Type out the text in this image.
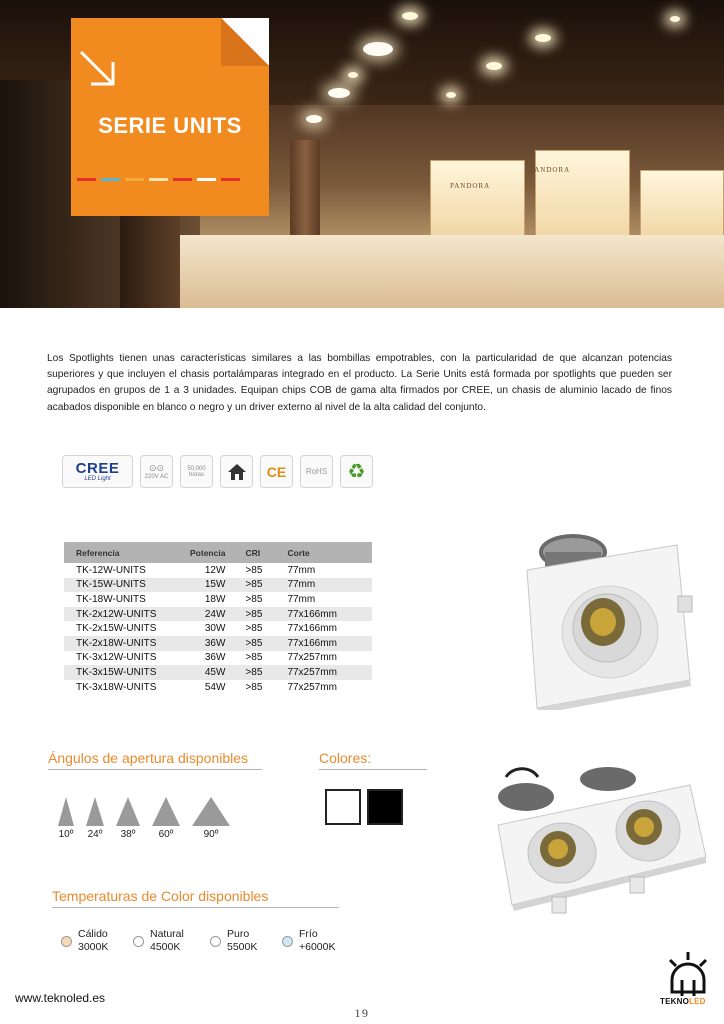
PANDORA
PANDORA
SERIE UNITS

Los Spotlights tienen unas características similares a las bombillas empotrables, con la particularidad de que alcanzan potencias superiores y que incluyen el chasis portalámparas integrado en el producto. La Serie Units está formada por spotlights que pueden ser agrupados en grupos de 1 a 3 unidades. Equipan chips COB de gama alta firmados por CREE, un chasis de aluminio lacado de finos acabados disponible en blanco o negro y un driver externo al nivel de la alta calidad del conjunto.

CREE
LED Light
⊙⊙
220V AC
50,000
horas	CE	RoHS	♻
Referencia	Potencia	CRI	Corte
TK-12W-UNITS	12W	>85	77mm
TK-15W-UNITS	15W	>85	77mm
TK-18W-UNITS	18W	>85	77mm
TK-2x12W-UNITS	24W	>85	77x166mm
TK-2x15W-UNITS	30W	>85	77x166mm
TK-2x18W-UNITS	36W	>85	77x166mm
TK-3x12W-UNITS	36W	>85	77x257mm
TK-3x15W-UNITS	45W	>85	77x257mm
TK-3x18W-UNITS	54W	>85	77x257mm
Ángulos de apertura disponibles
10º 24º 38º 60º	90º
Colores:
Temperaturas de Color disponibles
Cálido
3000K
Natural
4500K
Puro
5500K
Frío
+6000K
www.teknoled.es
19
TEKNOLED
